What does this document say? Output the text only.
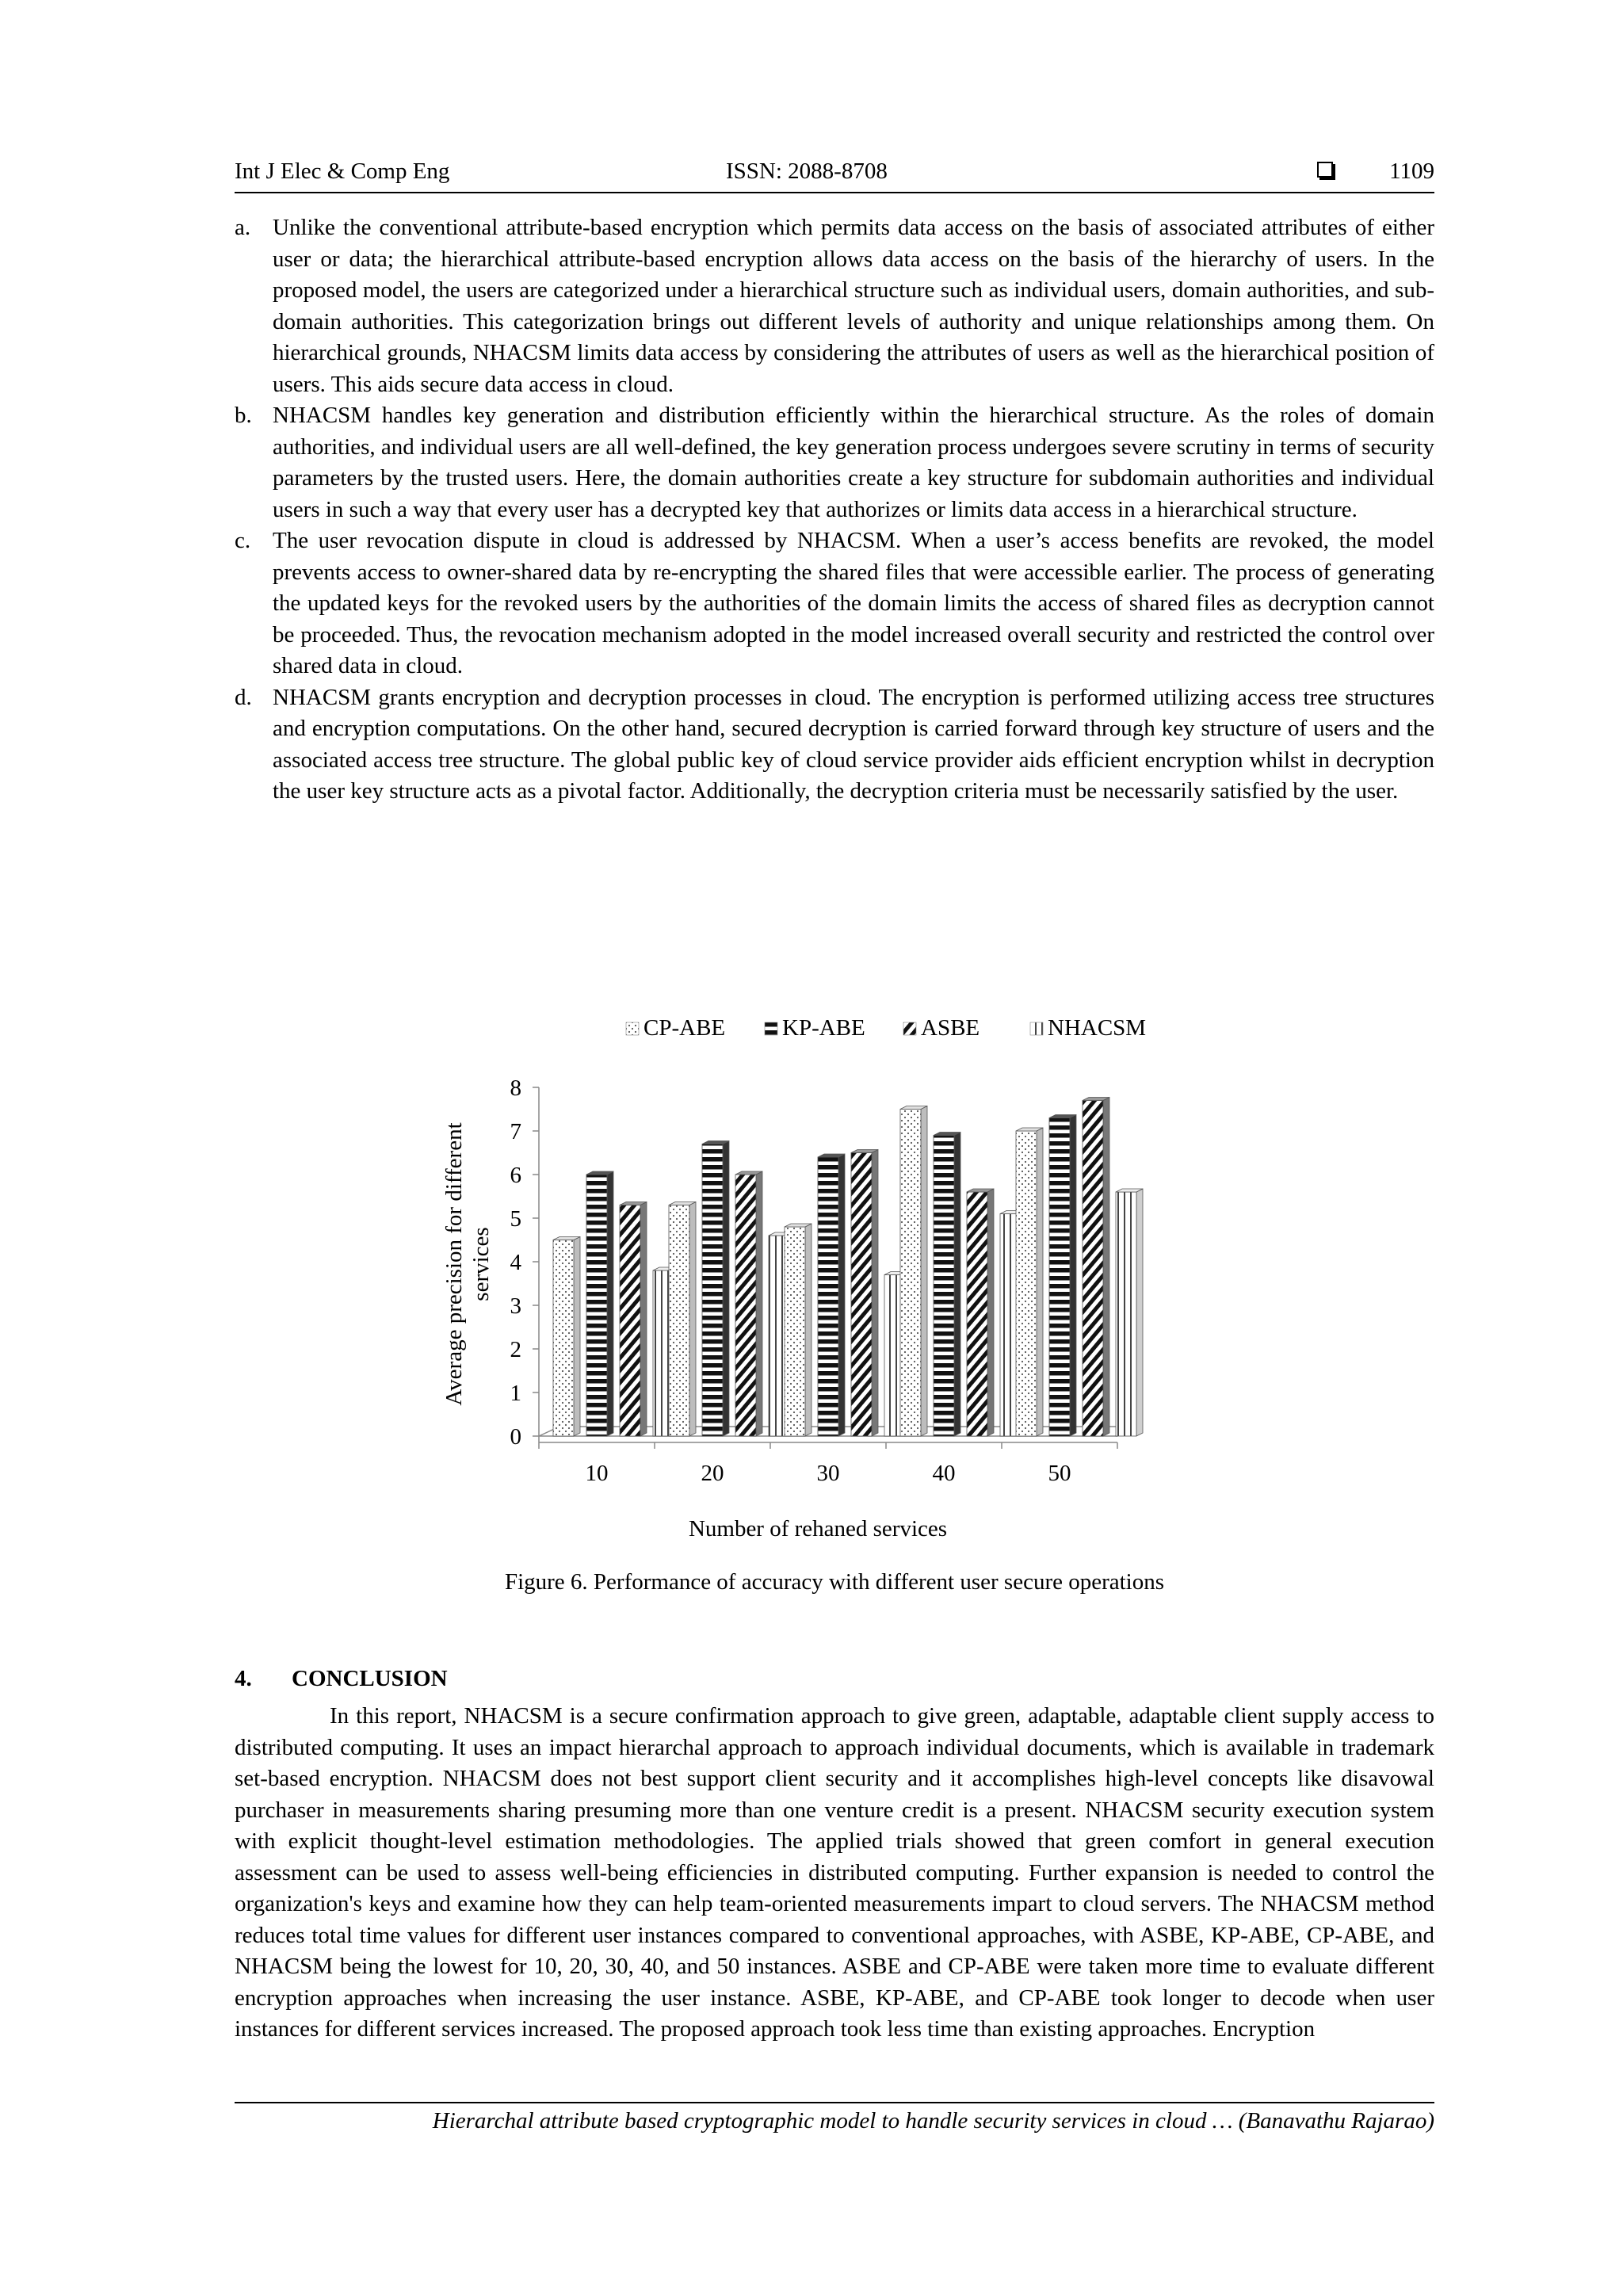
Int J Elec & Comp Eng	ISSN: 2088-8708	1109
a. Unlike the conventional attribute-based encryption which permits data access on the basis of associated attributes of either user or data; the hierarchical attribute-based encryption allows data access on the basis of the hierarchy of users. In the proposed model, the users are categorized under a hierarchical structure such as individual users, domain authorities, and sub-domain authorities. This categorization brings out different levels of authority and unique relationships among them. On hierarchical grounds, NHACSM limits data access by considering the attributes of users as well as the hierarchical position of users. This aids secure data access in cloud.
b. NHACSM handles key generation and distribution efficiently within the hierarchical structure. As the roles of domain authorities, and individual users are all well-defined, the key generation process undergoes severe scrutiny in terms of security parameters by the trusted users. Here, the domain authorities create a key structure for subdomain authorities and individual users in such a way that every user has a decrypted key that authorizes or limits data access in a hierarchical structure.
c. The user revocation dispute in cloud is addressed by NHACSM. When a user’s access benefits are revoked, the model prevents access to owner-shared data by re-encrypting the shared files that were accessible earlier. The process of generating the updated keys for the revoked users by the authorities of the domain limits the access of shared files as decryption cannot be proceeded. Thus, the revocation mechanism adopted in the model increased overall security and restricted the control over shared data in cloud.
d. NHACSM grants encryption and decryption processes in cloud. The encryption is performed utilizing access tree structures and encryption computations. On the other hand, secured decryption is carried forward through key structure of users and the associated access tree structure. The global public key of cloud service provider aids efficient encryption whilst in decryption the user key structure acts as a pivotal factor. Additionally, the decryption criteria must be necessarily satisfied by the user.
CP-ABE KP-ABE ASBE	NHACSM
0
1
2
3
4
5
6
7
8
10	20	30	40	50
Average precision for differentservices
Number of rehaned services
Figure 6. Performance of accuracy with different user secure operations
4. CONCLUSION

In this report, NHACSM is a secure confirmation approach to give green, adaptable, adaptable client supply access to distributed computing. It uses an impact hierarchal approach to approach individual documents, which is available in trademark set-based encryption. NHACSM does not best support client security and it accomplishes high-level concepts like disavowal purchaser in measurements sharing presuming more than one venture credit is a present. NHACSM security execution system with explicit thought-level estimation methodologies. The applied trials showed that green comfort in general execution assessment can be used to assess well-being efficiencies in distributed computing. Further expansion is needed to control the organization's keys and examine how they can help team-oriented measurements impart to cloud servers. The NHACSM method reduces total time values for different user instances compared to conventional approaches, with ASBE, KP-ABE, CP-ABE, and NHACSM being the lowest for 10, 20, 30, 40, and 50 instances. ASBE and CP-ABE were taken more time to evaluate different encryption approaches when increasing the user instance. ASBE, KP-ABE, and CP-ABE took longer to decode when user instances for different services increased. The proposed approach took less time than existing approaches. Encryption

Hierarchal attribute based cryptographic model to handle security services in cloud … (Banavathu Rajarao)
